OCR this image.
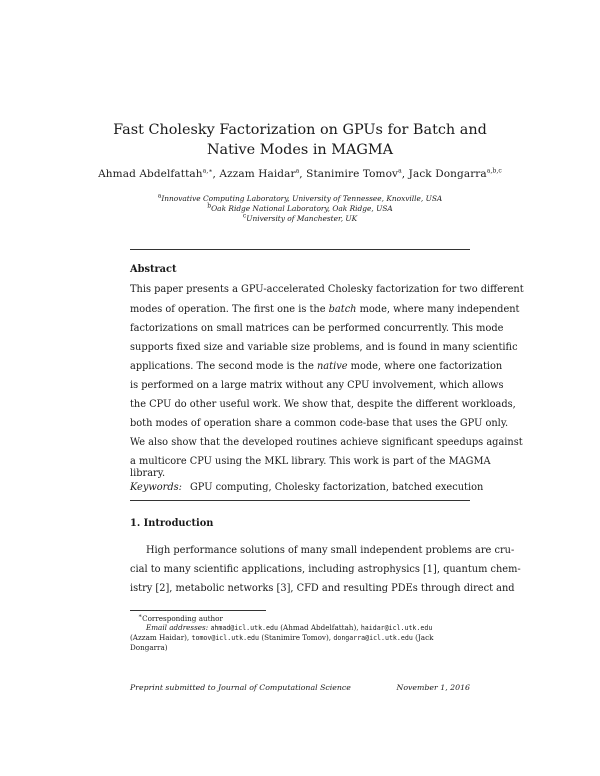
Fast Cholesky Factorization on GPUs for Batch and
Native Modes in MAGMA
Ahmad Abdelfattah$^{a,∗}$, Azzam Haidar$^a$, Stanimire Tomov$^a$, Jack Dongarra$^{a,b,c}$
$^a$Innovative Computing Laboratory, University of Tennessee, Knoxville, USA
$^b$Oak Ridge National Laboratory, Oak Ridge, USA
$^c$University of Manchester, UK
Abstract
This paper presents a GPU-accelerated Cholesky factorization for two different
modes of operation. The first one is the batch mode, where many independent
factorizations on small matrices can be performed concurrently. This mode
supports fixed size and variable size problems, and is found in many scientific
applications. The second mode is the native mode, where one factorization
is performed on a large matrix without any CPU involvement, which allows
the CPU do other useful work. We show that, despite the different workloads,
both modes of operation share a common code-base that uses the GPU only.
We also show that the developed routines achieve significant speedups against
a multicore CPU using the MKL library. This work is part of the MAGMA
library.
Keywords: GPU computing, Cholesky factorization, batched execution
1. Introduction
High performance solutions of many small independent problems are cru-
cial to many scientific applications, including astrophysics [1], quantum chem-
istry [2], metabolic networks [3], CFD and resulting PDEs through direct and
∗Corresponding author
Email addresses: ahmad@icl.utk.edu (Ahmad Abdelfattah), haidar@icl.utk.edu
(Azzam Haidar), tomov@icl.utk.edu (Stanimire Tomov), dongarra@icl.utk.edu (Jack
Dongarra)
Preprint submitted to Journal of Computational Science	November 1, 2016
